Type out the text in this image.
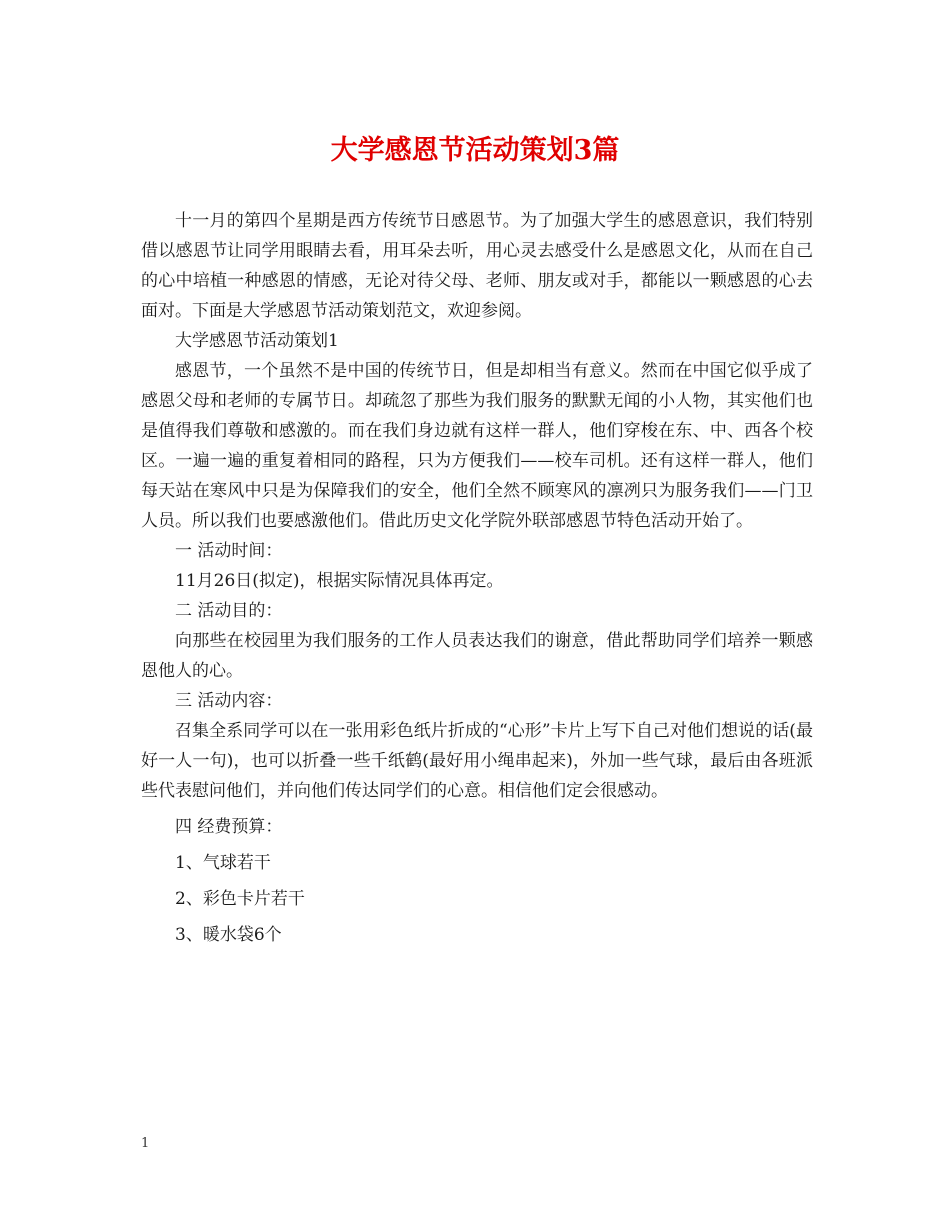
大学感恩节活动策划3篇

十一月的第四个星期是西方传统节日感恩节。为了加强大学生的感恩意识，我们特别借以感恩节让同学用眼睛去看，用耳朵去听，用心灵去感受什么是感恩文化，从而在自己的心中培植一种感恩的情感，无论对待父母、老师、朋友或对手，都能以一颗感恩的心去面对。下面是大学感恩节活动策划范文，欢迎参阅。

大学感恩节活动策划1

感恩节，一个虽然不是中国的传统节日，但是却相当有意义。然而在中国它似乎成了感恩父母和老师的专属节日。却疏忽了那些为我们服务的默默无闻的小人物，其实他们也是值得我们尊敬和感激的。而在我们身边就有这样一群人，他们穿梭在东、中、西各个校区。一遍一遍的重复着相同的路程，只为方便我们——校车司机。还有这样一群人，他们每天站在寒风中只是为保障我们的安全，他们全然不顾寒风的凛冽只为服务我们——门卫人员。所以我们也要感激他们。借此历史文化学院外联部感恩节特色活动开始了。

一 活动时间：

11月26日(拟定)，根据实际情况具体再定。

二 活动目的：

向那些在校园里为我们服务的工作人员表达我们的谢意，借此帮助同学们培养一颗感恩他人的心。

三 活动内容：

召集全系同学可以在一张用彩色纸片折成的“心形”卡片上写下自己对他们想说的话(最好一人一句)，也可以折叠一些千纸鹤(最好用小绳串起来)，外加一些气球，最后由各班派些代表慰问他们，并向他们传达同学们的心意。相信他们定会很感动。

四 经费预算：

1、气球若干

2、彩色卡片若干

3、暖水袋6个

1
